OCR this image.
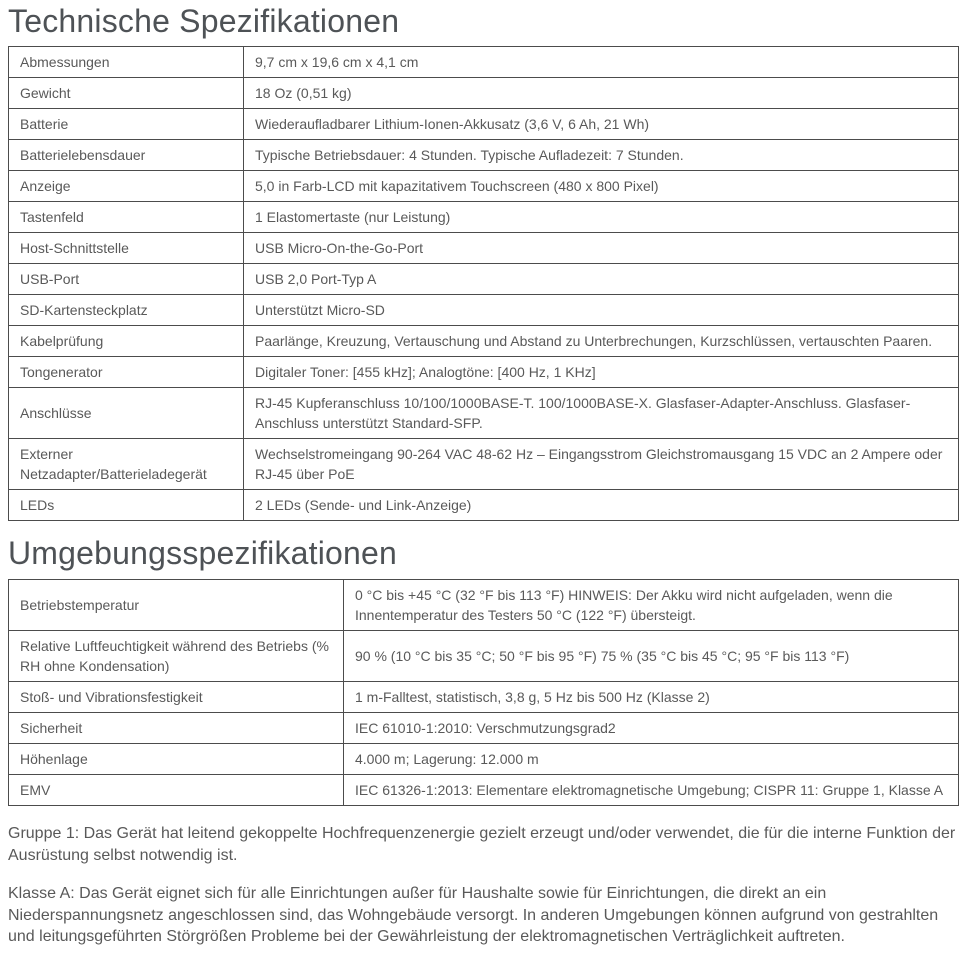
Technische Spezifikationen
Abmessungen	9,7 cm x 19,6 cm x 4,1 cm
Gewicht	18 Oz (0,51 kg)
Batterie	Wiederaufladbarer Lithium-Ionen-Akkusatz (3,6 V, 6 Ah, 21 Wh)
Batterielebensdauer	Typische Betriebsdauer: 4 Stunden. Typische Aufladezeit: 7 Stunden.
Anzeige	5,0 in Farb-LCD mit kapazitativem Touchscreen (480 x 800 Pixel)
Tastenfeld	1 Elastomertaste (nur Leistung)
Host-Schnittstelle	USB Micro-On-the-Go-Port
USB-Port	USB 2,0 Port-Typ A
SD-Kartensteckplatz	Unterstützt Micro-SD
Kabelprüfung	Paarlänge, Kreuzung, Vertauschung und Abstand zu Unterbrechungen, Kurzschlüssen, vertauschten Paaren.
Tongenerator	Digitaler Toner: [455 kHz]; Analogtöne: [400 Hz, 1 KHz]
Anschlüsse	RJ-45 Kupferanschluss 10/100/1000BASE-T. 100/1000BASE-X. Glasfaser-Adapter-Anschluss. Glasfaser-Anschluss unterstützt Standard-SFP.
Externer Netzadapter/Batterieladegerät	Wechselstromeingang 90-264 VAC 48-62 Hz – Eingangsstrom Gleichstromausgang 15 VDC an 2 Ampere oder RJ-45 über PoE
LEDs	2 LEDs (Sende- und Link-Anzeige)
Umgebungsspezifikationen
Betriebstemperatur	0 °C bis +45 °C (32 °F bis 113 °F) HINWEIS: Der Akku wird nicht aufgeladen, wenn die Innentemperatur des Testers 50 °C (122 °F) übersteigt.
Relative Luftfeuchtigkeit während des Betriebs (% RH ohne Kondensation)	90 % (10 °C bis 35 °C; 50 °F bis 95 °F) 75 % (35 °C bis 45 °C; 95 °F bis 113 °F)
Stoß- und Vibrationsfestigkeit	1 m-Falltest, statistisch, 3,8 g, 5 Hz bis 500 Hz (Klasse 2)
Sicherheit	IEC 61010-1:2010: Verschmutzungsgrad2
Höhenlage	4.000 m; Lagerung: 12.000 m
EMV	IEC 61326-1:2013: Elementare elektromagnetische Umgebung; CISPR 11: Gruppe 1, Klasse A

Gruppe 1: Das Gerät hat leitend gekoppelte Hochfrequenzenergie gezielt erzeugt und/oder verwendet, die für die interne Funktion der Ausrüstung selbst notwendig ist.

Klasse A: Das Gerät eignet sich für alle Einrichtungen außer für Haushalte sowie für Einrichtungen, die direkt an ein Niederspannungsnetz angeschlossen sind, das Wohngebäude versorgt. In anderen Umgebungen können aufgrund von gestrahlten und leitungsgeführten Störgrößen Probleme bei der Gewährleistung der elektromagnetischen Verträglichkeit auftreten.
